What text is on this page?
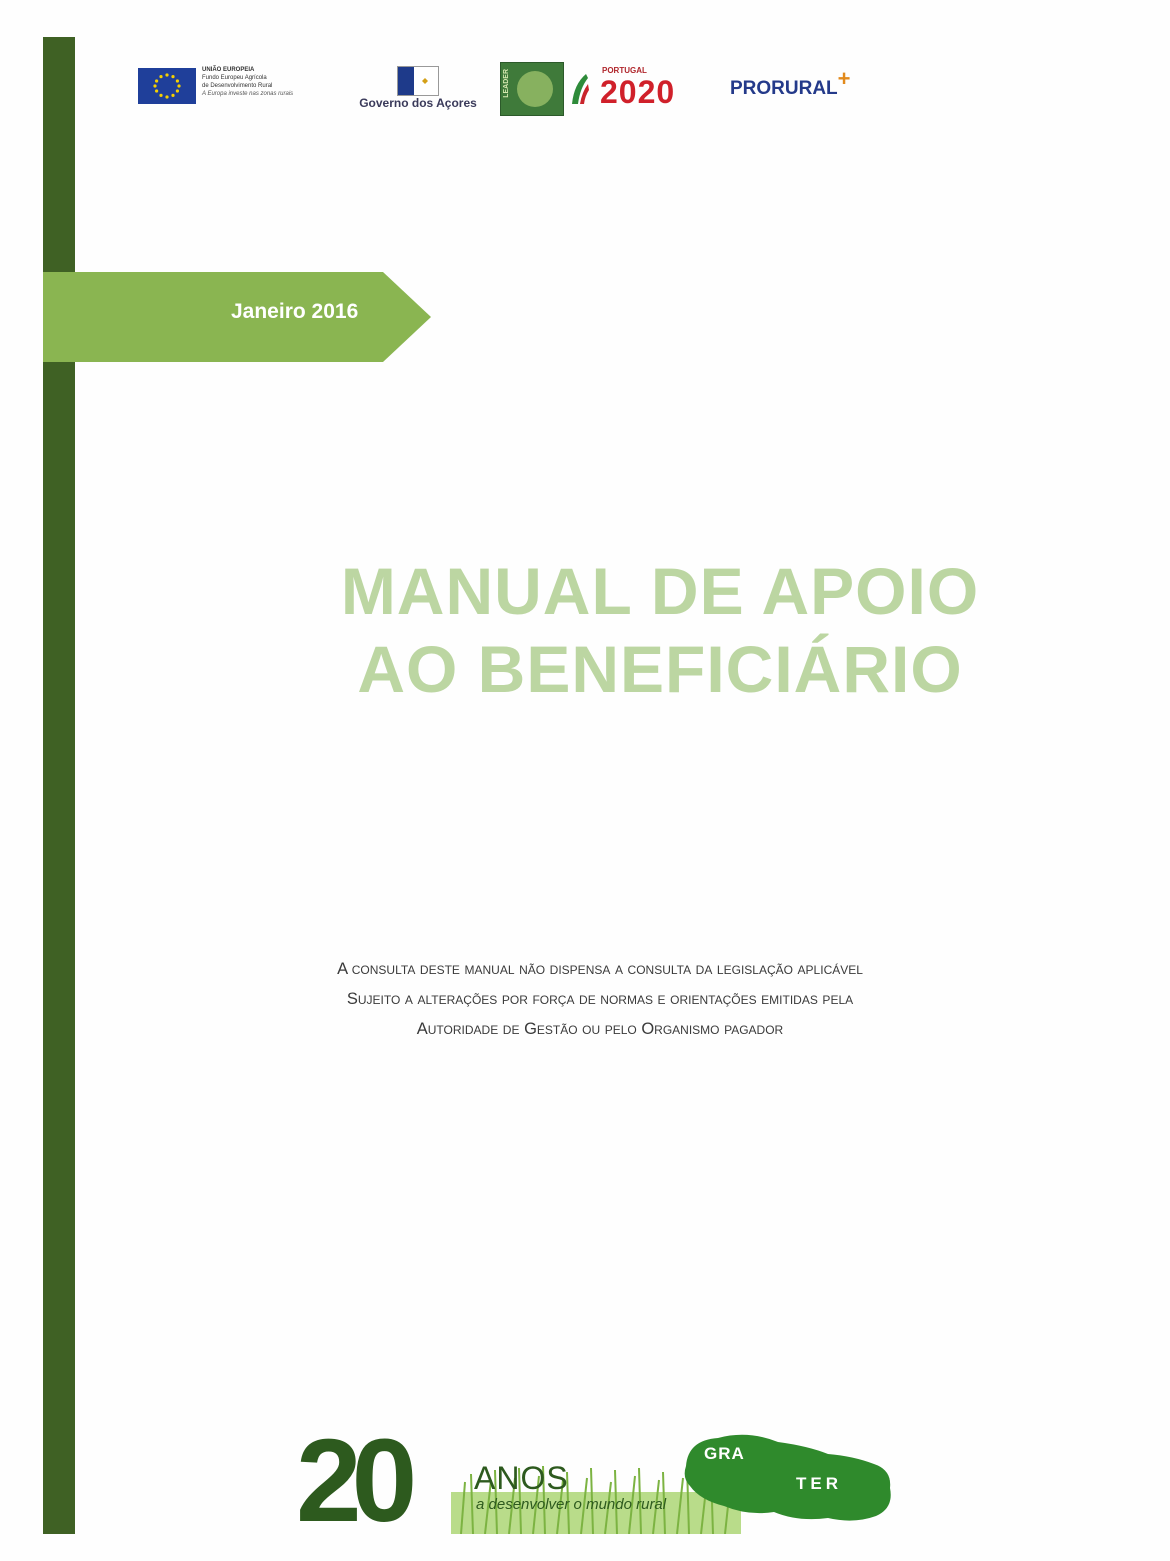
UNIÃO EUROPEIA
Fundo Europeu Agrícola
de Desenvolvimento Rural
A Europa investe nas zonas rurais
Governo dos Açores
LEADER	PORTUGAL
2020	PRORURAL+
Janeiro 2016
MANUAL DE APOIO
AO BENEFICIÁRIO
A consulta deste manual não dispensa a consulta da legislação aplicável
Sujeito a alterações por força de normas e orientações emitidas pela
Autoridade de Gestão ou pelo Organismo pagador
20 ANOS
a desenvolver o mundo rural
GRA
TER
